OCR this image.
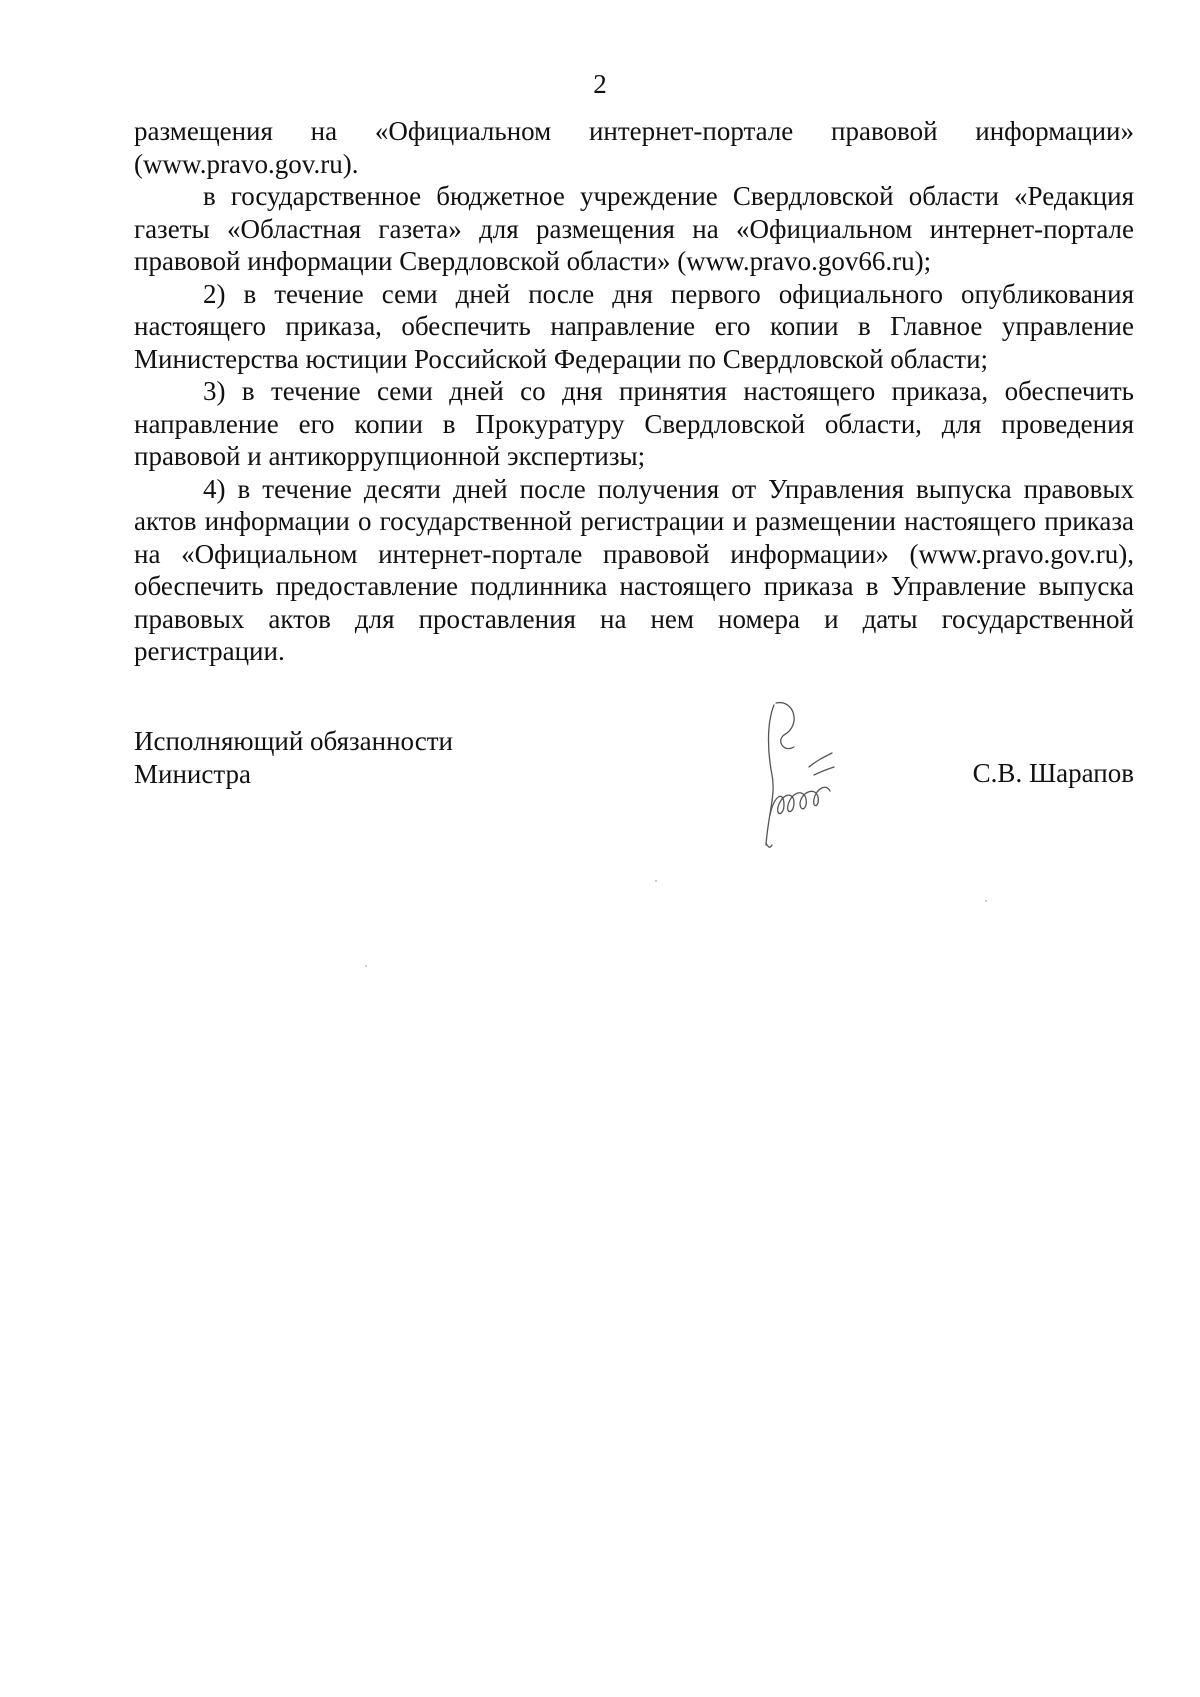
2

размещения на «Официальном интернет-портале правовой информации» (www.pravo.gov.ru).

в государственное бюджетное учреждение Свердловской области «Редакция газеты «Областная газета» для размещения на «Официальном интернет-портале правовой информации Свердловской области» (www.pravo.gov66.ru);

2) в течение семи дней после дня первого официального опубликования настоящего приказа, обеспечить направление его копии в Главное управление Министерства юстиции Российской Федерации по Свердловской области;

3) в течение семи дней со дня принятия настоящего приказа, обеспечить направление его копии в Прокуратуру Свердловской области, для проведения правовой и антикоррупционной экспертизы;

4) в течение десяти дней после получения от Управления выпуска правовых актов информации о государственной регистрации и размещении настоящего приказа на «Официальном интернет-портале правовой информации» (www.pravo.gov.ru), обеспечить предоставление подлинника настоящего приказа в Управление выпуска правовых актов для проставления на нем номера и даты государственной регистрации.

Исполняющий обязанности
Министра	С.В. Шарапов
